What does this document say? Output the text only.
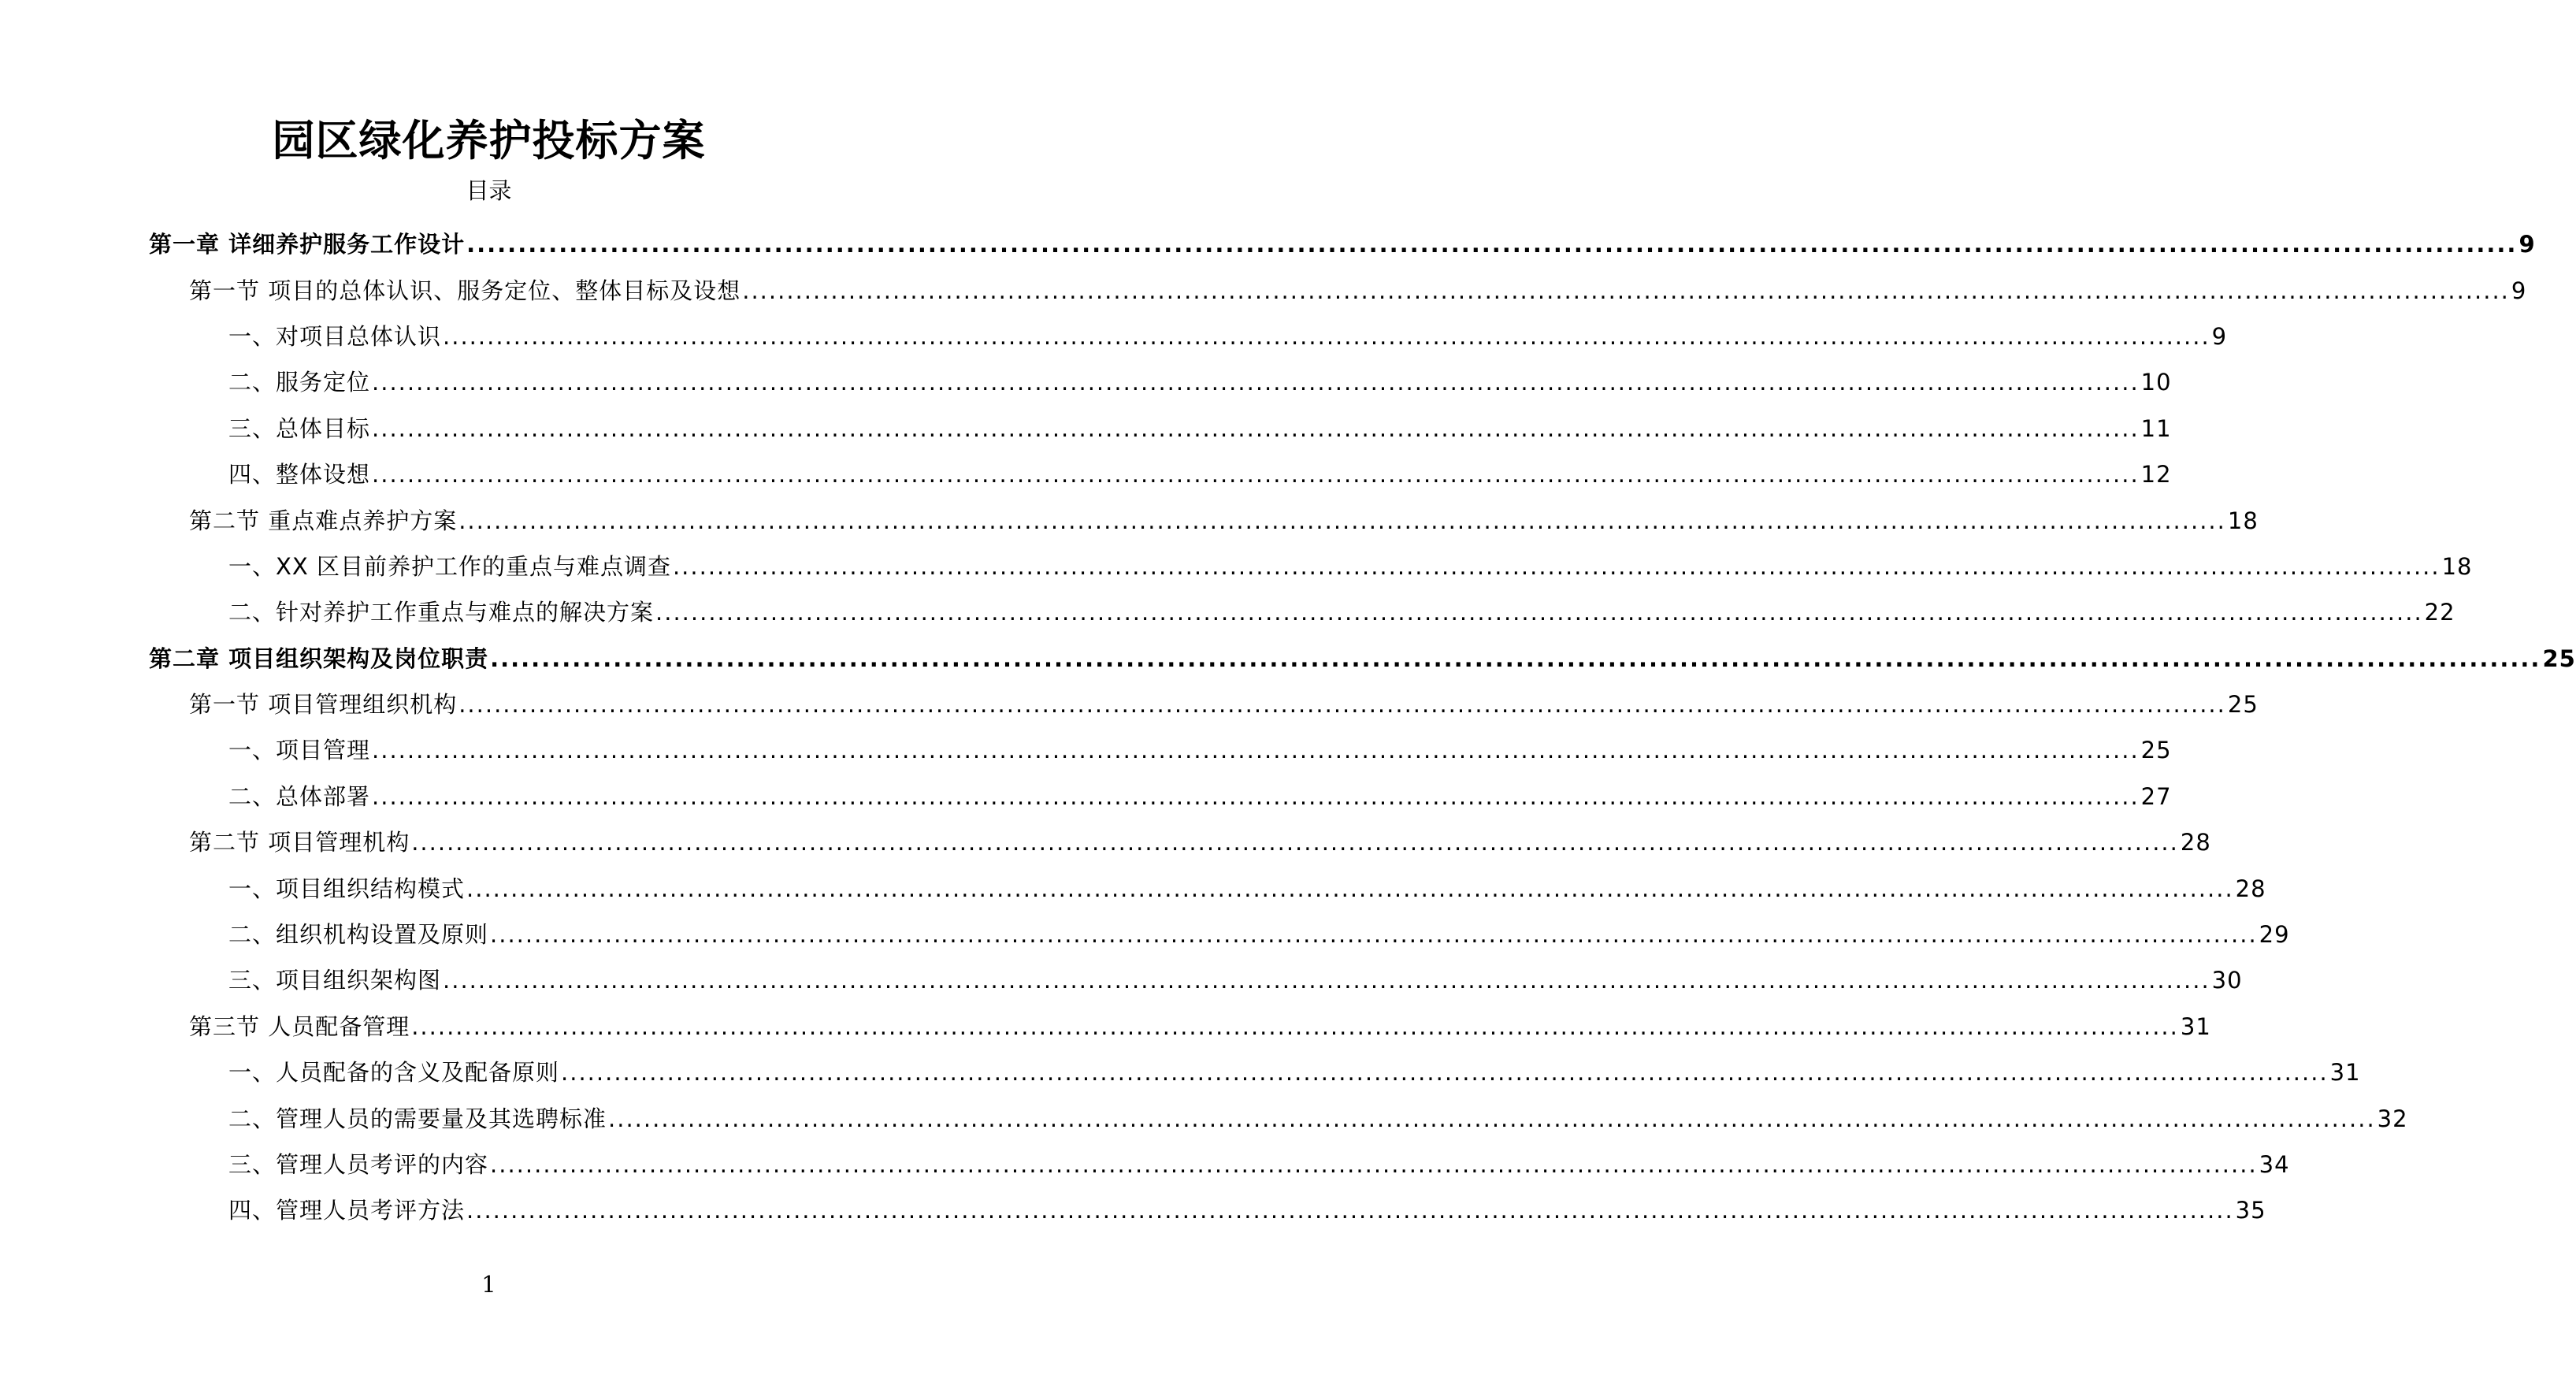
园区绿化养护投标方案
目录
第一章 详细养护服务工作设计 ........................................................................................................................................................................................................ 9
第一节 项目的总体认识、服务定位、整体目标及设想 ........................................................................................................................................................................................................ 9
一、对项目总体认识 ........................................................................................................................................................................................................ 9
二、服务定位 ........................................................................................................................................................................................................ 10
三、总体目标 ........................................................................................................................................................................................................ 11
四、整体设想 ........................................................................................................................................................................................................ 12
第二节 重点难点养护方案 ........................................................................................................................................................................................................ 18
一、XX 区目前养护工作的重点与难点调查 ........................................................................................................................................................................................................ 18
二、针对养护工作重点与难点的解决方案 ........................................................................................................................................................................................................ 22
第二章 项目组织架构及岗位职责 ........................................................................................................................................................................................................ 25
第一节 项目管理组织机构 ........................................................................................................................................................................................................ 25
一、项目管理 ........................................................................................................................................................................................................ 25
二、总体部署 ........................................................................................................................................................................................................ 27
第二节 项目管理机构 ........................................................................................................................................................................................................ 28
一、项目组织结构模式 ........................................................................................................................................................................................................ 28
二、组织机构设置及原则 ........................................................................................................................................................................................................ 29
三、项目组织架构图 ........................................................................................................................................................................................................ 30
第三节 人员配备管理 ........................................................................................................................................................................................................ 31
一、人员配备的含义及配备原则 ........................................................................................................................................................................................................ 31
二、管理人员的需要量及其选聘标准 ........................................................................................................................................................................................................ 32
三、管理人员考评的内容 ........................................................................................................................................................................................................ 34
四、管理人员考评方法 ........................................................................................................................................................................................................ 35
1
